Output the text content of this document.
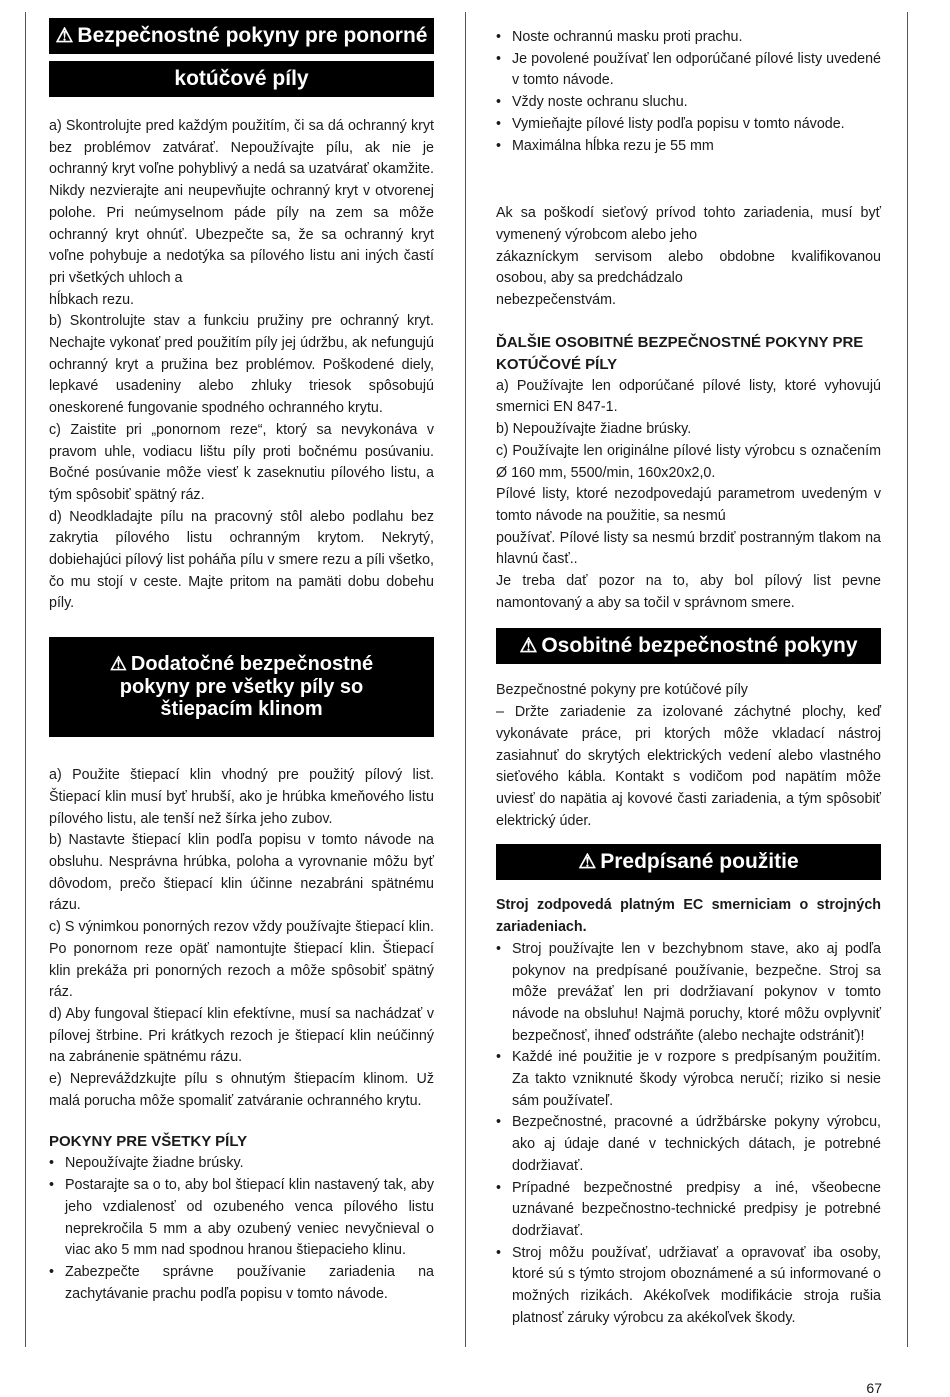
⚠ Bezpečnostné pokyny pre ponorné
kotúčové píly

a) Skontrolujte pred každým použitím, či sa dá ochranný kryt bez problémov zatvárať. Nepoužívajte pílu, ak nie je ochranný kryt voľne pohyblivý a nedá sa uzatvárať okamžite. Nikdy nezvierajte ani neupevňujte ochranný kryt v otvorenej polohe. Pri neúmyselnom páde píly na zem sa môže ochranný kryt ohnúť. Ubezpečte sa, že sa ochranný kryt voľne pohybuje a nedotýka sa pílového listu ani iných častí pri všetkých uhloch a

hĺbkach rezu.

b) Skontrolujte stav a funkciu pružiny pre ochranný kryt. Nechajte vykonať pred použitím píly jej údržbu, ak nefungujú ochranný kryt a pružina bez problémov. Poškodené diely, lepkavé usadeniny alebo zhluky triesok spôsobujú oneskorené fungovanie spodného ochranného krytu.

c) Zaistite pri „ponornom reze“, ktorý sa nevykonáva v pravom uhle, vodiacu lištu píly proti bočnému posúvaniu. Bočné posúvanie môže viesť k zaseknutiu pílového listu, a tým spôsobiť spätný ráz.

d) Neodkladajte pílu na pracovný stôl alebo podlahu bez zakrytia pílového listu ochranným krytom. Nekrytý, dobiehajúci pílový list poháňa pílu v smere rezu a píli všetko, čo mu stojí v ceste. Majte pritom na pamäti dobu dobehu píly.

⚠ Dodatočné bezpečnostné
pokyny pre všetky píly so
štiepacím klinom

a) Použite štiepací klin vhodný pre použitý pílový list. Štiepací klin musí byť hrubší, ako je hrúbka kmeňového listu pílového listu, ale tenší než šírka jeho zubov.

b) Nastavte štiepací klin podľa popisu v tomto návode na obsluhu. Nesprávna hrúbka, poloha a vyrovnanie môžu byť dôvodom, prečo štiepací klin účinne nezabráni spätnému rázu.

c) S výnimkou ponorných rezov vždy používajte štiepací klin. Po ponornom reze opäť namontujte štiepací klin. Štiepací klin prekáža pri ponorných rezoch a môže spôsobiť spätný ráz.

d) Aby fungoval štiepací klin efektívne, musí sa nachádzať v pílovej štrbine. Pri krátkych rezoch je štiepací klin neúčinný na zabránenie spätnému rázu.

e) Nepreváždzkujte pílu s ohnutým štiepacím klinom. Už malá porucha môže spomaliť zatváranie ochranného krytu.

POKYNY PRE VŠETKY PÍLY

• Nepoužívajte žiadne brúsky.
• Postarajte sa o to, aby bol štiepací klin nastavený tak, aby jeho vzdialenosť od ozubeného venca pílového listu neprekročila 5 mm a aby ozubený veniec nevyčnieval o viac ako 5 mm nad spodnou hranou štiepacieho klinu.
• Zabezpečte správne používanie zariadenia na zachytávanie prachu podľa popisu v tomto návode.
• Noste ochrannú masku proti prachu.
• Je povolené používať len odporúčané pílové listy uvedené v tomto návode.
• Vždy noste ochranu sluchu.
• Vymieňajte pílové listy podľa popisu v tomto návode.
• Maximálna hĺbka rezu je 55 mm

Ak sa poškodí sieťový prívod tohto zariadenia, musí byť vymenený výrobcom alebo jeho

zákazníckym servisom alebo obdobne kvalifikovanou osobou, aby sa predchádzalo

nebezpečenstvám.

ĎALŠIE OSOBITNÉ BEZPEČNOSTNÉ POKYNY PRE KOTÚČOVÉ PÍLY

a) Používajte len odporúčané pílové listy, ktoré vyhovujú smernici EN 847-1.

b) Nepoužívajte žiadne brúsky.

c) Používajte len originálne pílové listy výrobcu s označením Ø 160 mm, 5500/min, 160x20x2,0.

Pílové listy, ktoré nezodpovedajú parametrom uvedeným v tomto návode na použitie, sa nesmú

používať. Pílové listy sa nesmú brzdiť postranným tlakom na hlavnú časť..

Je treba dať pozor na to, aby bol pílový list pevne namontovaný a aby sa točil v správnom smere.

⚠ Osobitné bezpečnostné pokyny

Bezpečnostné pokyny pre kotúčové píly

– Držte zariadenie za izolované záchytné plochy, keď vykonávate práce, pri ktorých môže vkladací nástroj zasiahnuť do skrytých elektrických vedení alebo vlastného sieťového kábla. Kontakt s vodičom pod napätím môže uviesť do napätia aj kovové časti zariadenia, a tým spôsobiť elektrický úder.

⚠ Predpísané použitie

Stroj zodpovedá platným EC smerniciam o strojných zariadeniach.

• Stroj používajte len v bezchybnom stave, ako aj podľa pokynov na predpísané používanie, bezpečne. Stroj sa môže prevážať len pri dodržiavaní pokynov v tomto návode na obsluhu! Najmä poruchy, ktoré môžu ovplyvniť bezpečnosť, ihneď odstráňte (alebo nechajte odstrániť)!
• Každé iné použitie je v rozpore s predpísaným použitím. Za takto vzniknuté škody výrobca neručí; riziko si nesie sám používateľ.
• Bezpečnostné, pracovné a údržbárske pokyny výrobcu, ako aj údaje dané v technických dátach, je potrebné dodržiavať.
• Prípadné bezpečnostné predpisy a iné, všeobecne uznávané bezpečnostno-technické predpisy je potrebné dodržiavať.
• Stroj môžu používať, udržiavať a opravovať iba osoby, ktoré sú s týmto strojom oboznámené a sú informované o možných rizikách. Akékoľvek modifikácie stroja rušia platnosť záruky výrobcu za akékoľvek škody.
67
